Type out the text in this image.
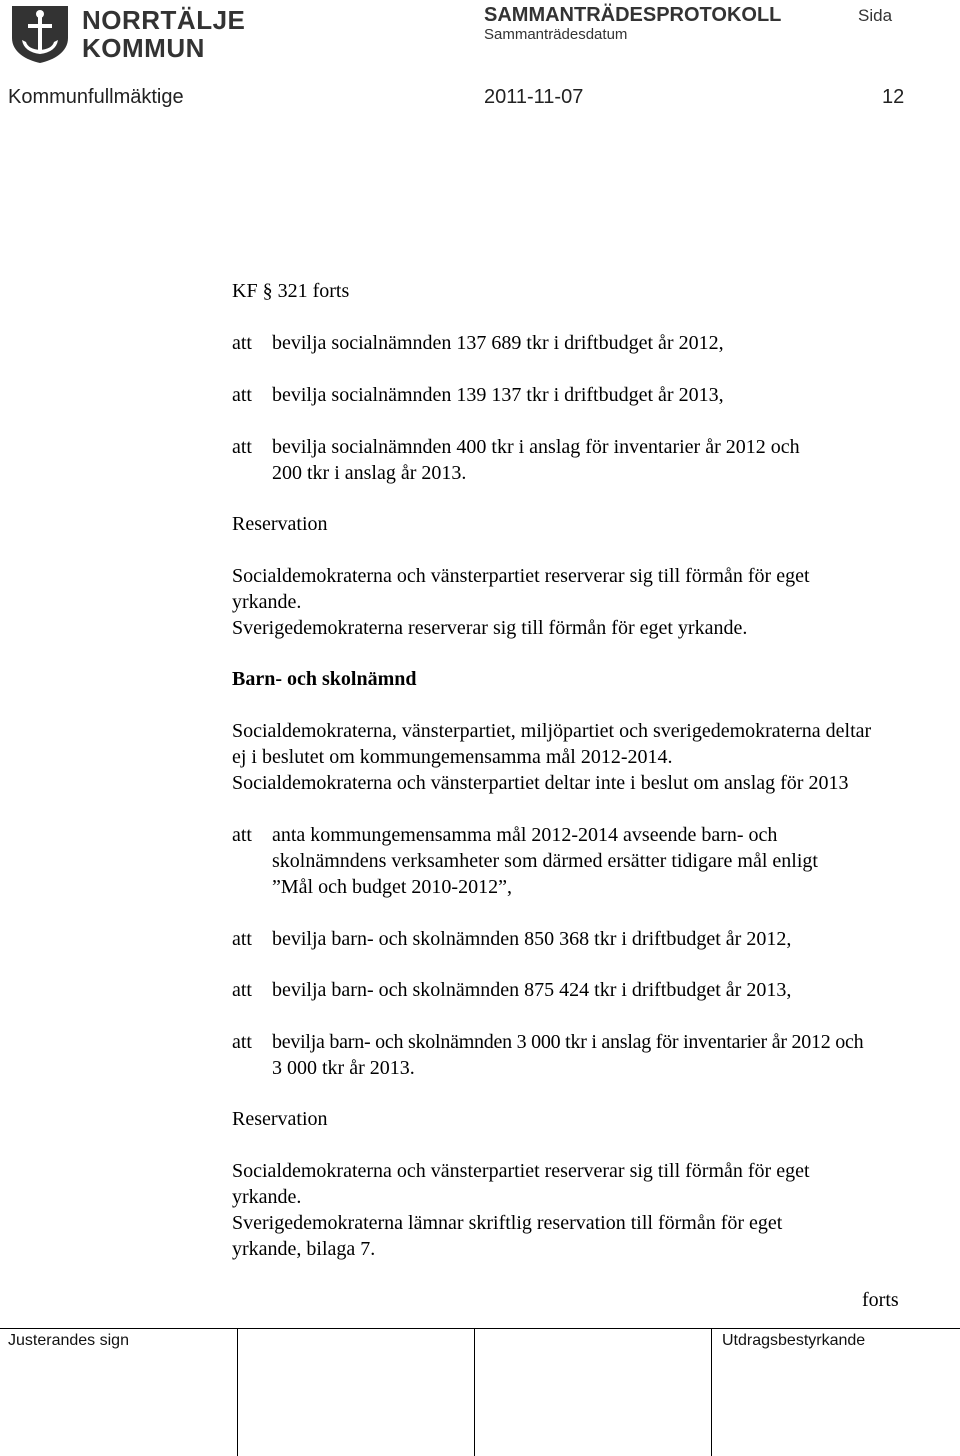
NORRTÄLJE
KOMMUN
SAMMANTRÄDESPROTOKOLL	Sida
Sammanträdesdatum
Kommunfullmäktige	2011-11-07	12
KF § 321 forts
att bevilja socialnämnden 137 689 tkr i driftbudget år 2012,
att bevilja socialnämnden 139 137 tkr i driftbudget år 2013,
att bevilja socialnämnden 400 tkr i anslag för inventarier år 2012 och
200 tkr i anslag år 2013.
Reservation
Socialdemokraterna och vänsterpartiet reserverar sig till förmån för eget
yrkande.
Sverigedemokraterna reserverar sig till förmån för eget yrkande.
Barn- och skolnämnd
Socialdemokraterna, vänsterpartiet, miljöpartiet och sverigedemokraterna deltar
ej i beslutet om kommungemensamma mål 2012-2014.
Socialdemokraterna och vänsterpartiet deltar inte i beslut om anslag för 2013
att anta kommungemensamma mål 2012-2014 avseende barn- och
skolnämndens verksamheter som därmed ersätter tidigare mål enligt
”Mål och budget 2010-2012”,
att bevilja barn- och skolnämnden 850 368 tkr i driftbudget år 2012,
att bevilja barn- och skolnämnden 875 424 tkr i driftbudget år 2013,
att bevilja barn- och skolnämnden 3 000 tkr i anslag för inventarier år 2012 och
3 000 tkr år 2013.
Reservation
Socialdemokraterna och vänsterpartiet reserverar sig till förmån för eget
yrkande.
Sverigedemokraterna lämnar skriftlig reservation till förmån för eget
yrkande, bilaga 7.
forts
Justerandes sign	Utdragsbestyrkande
